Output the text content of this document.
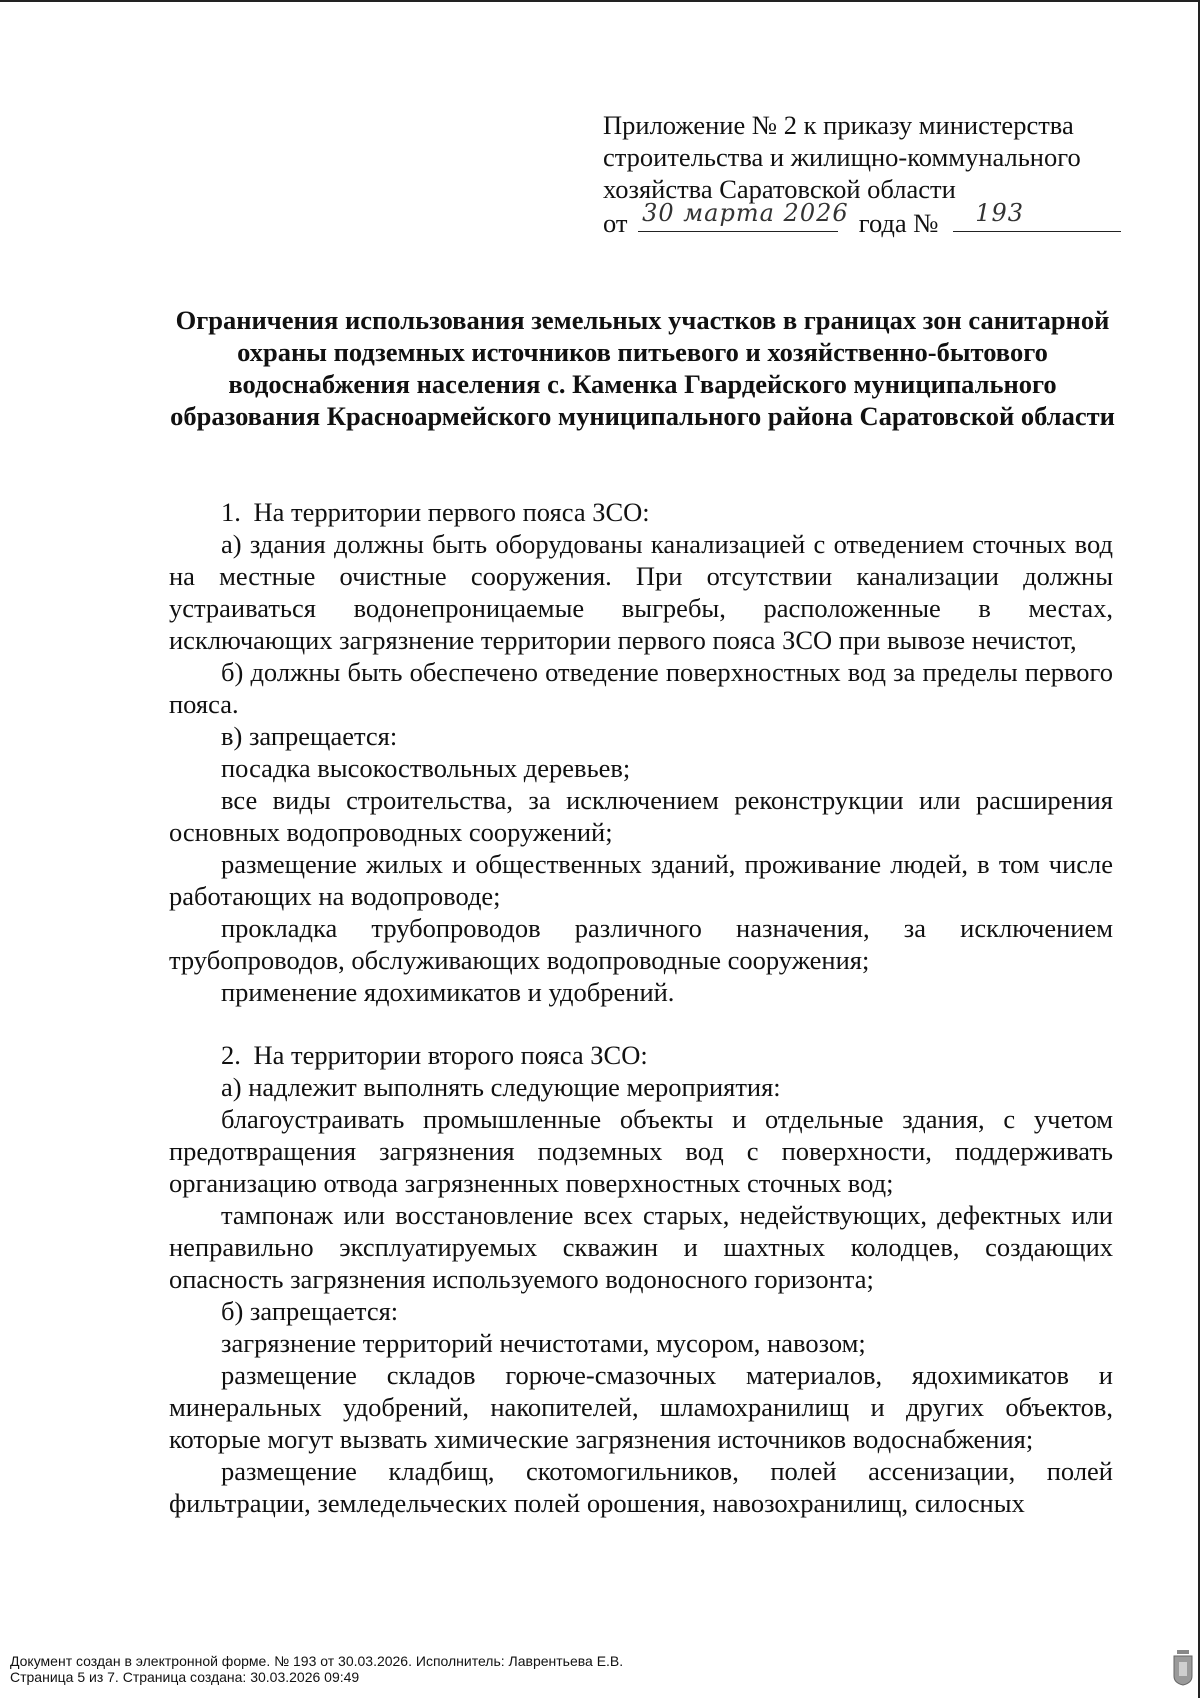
Приложение № 2 к приказу министерства
строительства и жилищно-коммунального
хозяйства Саратовской области
от 30 марта 2026 года № 193
Ограничения использования земельных участков в границах зон санитарной охраны подземных источников питьевого и хозяйственно-бытового водоснабжения населения с. Каменка Гвардейского муниципального образования Красноармейского муниципального района Саратовской области

1. На территории первого пояса ЗСО:

а) здания должны быть оборудованы канализацией с отведением сточных вод на местные очистные сооружения. При отсутствии канализации должны устраиваться водонепроницаемые выгребы, расположенные в местах, исключающих загрязнение территории первого пояса ЗСО при вывозе нечистот,

б) должны быть обеспечено отведение поверхностных вод за пределы первого пояса.

в) запрещается:

посадка высокоствольных деревьев;

все виды строительства, за исключением реконструкции или расширения основных водопроводных сооружений;

размещение жилых и общественных зданий, проживание людей, в том числе работающих на водопроводе;

прокладка трубопроводов различного назначения, за исключением трубопроводов, обслуживающих водопроводные сооружения;

применение ядохимикатов и удобрений.

2. На территории второго пояса ЗСО:

а) надлежит выполнять следующие мероприятия:

благоустраивать промышленные объекты и отдельные здания, с учетом предотвращения загрязнения подземных вод с поверхности, поддерживать организацию отвода загрязненных поверхностных сточных вод;

тампонаж или восстановление всех старых, недействующих, дефектных или неправильно эксплуатируемых скважин и шахтных колодцев, создающих опасность загрязнения используемого водоносного горизонта;

б) запрещается:

загрязнение территорий нечистотами, мусором, навозом;

размещение складов горюче-смазочных материалов, ядохимикатов и минеральных удобрений, накопителей, шламохранилищ и других объектов, которые могут вызвать химические загрязнения источников водоснабжения;

размещение кладбищ, скотомогильников, полей ассенизации, полей фильтрации, земледельческих полей орошения, навозохранилищ, силосных

Документ создан в электронной форме. № 193 от 30.03.2026. Исполнитель: Лаврентьева Е.В.
Страница 5 из 7. Страница создана: 30.03.2026 09:49
